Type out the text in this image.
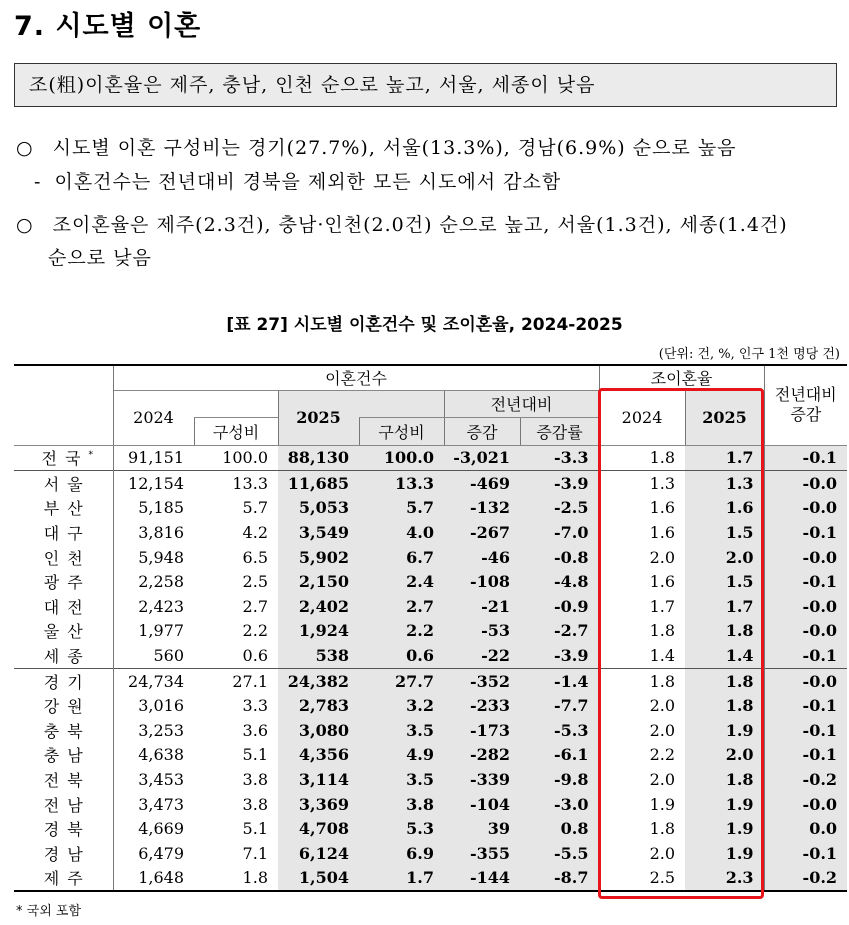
7. 시도별 이혼
조(粗)이혼율은 제주, 충남, 인천 순으로 높고, 서울, 세종이 낮음
○ 시도별 이혼 구성비는 경기(27.7%), 서울(13.3%), 경남(6.9%) 순으로 높음
- 이혼건수는 전년대비 경북을 제외한 모든 시도에서 감소함
○ 조이혼율은 제주(2.3건), 충남·인천(2.0건) 순으로 높고, 서울(1.3건), 세종(1.4건)
순으로 낮음
[표 27] 시도별 이혼건수 및 조이혼율, 2024-2025
(단위: 건, %, 인구 1천 명당 건)
	이혼건수						조이혼율		전년대비
증감
	2024		2025		전년대비		2024	2025	
		구성비		구성비	증감	증감률			
전국*	91,151	100.0	88,130	100.0	-3,021	-3.3	1.8	1.7	-0.1
서울	12,154	13.3	11,685	13.3	-469	-3.9	1.3	1.3	-0.0
부산	5,185	5.7	5,053	5.7	-132	-2.5	1.6	1.6	-0.0
대구	3,816	4.2	3,549	4.0	-267	-7.0	1.6	1.5	-0.1
인천	5,948	6.5	5,902	6.7	-46	-0.8	2.0	2.0	-0.0
광주	2,258	2.5	2,150	2.4	-108	-4.8	1.6	1.5	-0.1
대전	2,423	2.7	2,402	2.7	-21	-0.9	1.7	1.7	-0.0
울산	1,977	2.2	1,924	2.2	-53	-2.7	1.8	1.8	-0.0
세종	560	0.6	538	0.6	-22	-3.9	1.4	1.4	-0.1
경기	24,734	27.1	24,382	27.7	-352	-1.4	1.8	1.8	-0.0
강원	3,016	3.3	2,783	3.2	-233	-7.7	2.0	1.8	-0.1
충북	3,253	3.6	3,080	3.5	-173	-5.3	2.0	1.9	-0.1
충남	4,638	5.1	4,356	4.9	-282	-6.1	2.2	2.0	-0.1
전북	3,453	3.8	3,114	3.5	-339	-9.8	2.0	1.8	-0.2
전남	3,473	3.8	3,369	3.8	-104	-3.0	1.9	1.9	-0.0
경북	4,669	5.1	4,708	5.3	39	0.8	1.8	1.9	0.0
경남	6,479	7.1	6,124	6.9	-355	-5.5	2.0	1.9	-0.1
제주	1,648	1.8	1,504	1.7	-144	-8.7	2.5	2.3	-0.2
* 국외 포함
